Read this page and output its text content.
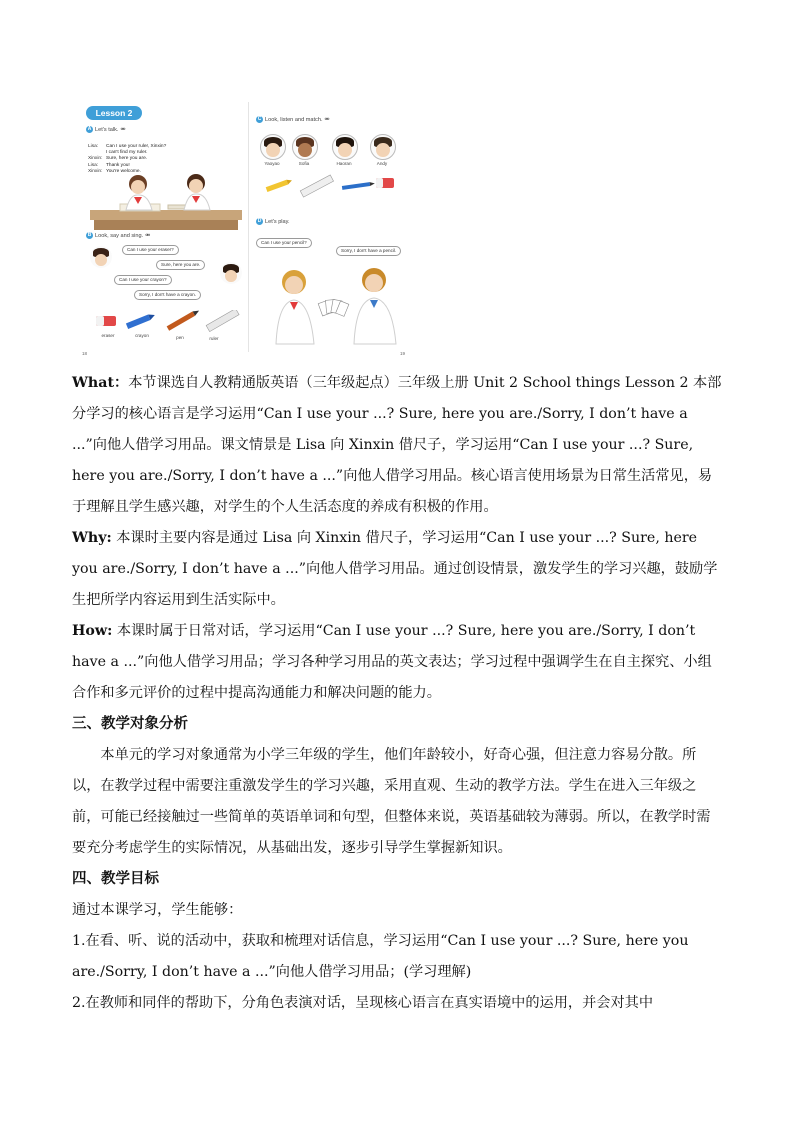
Lesson 2
A Let's talk. ⚮
Lisa: Can I use your ruler, Xinxin?
I can't find my ruler.
Xinxin: Sure, here you are.
Lisa: Thank you!
Xinxin: You're welcome.
B Look, say and sing. ⚮
Can I use your eraser?
Sure, here you are.
Can I use your crayon?
Sorry, I don't have a crayon.
eraser	crayon	pen	ruler
18
C Look, listen and match. ⚮
Yaoyao	Sofia	Haoran	Andy
D Let's play.
Can I use your pencil?
Sorry, I don't have a pencil.
19

What：本节课选自人教精通版英语（三年级起点）三年级上册 Unit 2 School things Lesson 2 本部分学习的核心语言是学习运用“Can I use your ...? Sure, here you are./Sorry, I don’t have a ...”向他人借学习用品。课文情景是 Lisa 向 Xinxin 借尺子，学习运用“Can I use your ...? Sure, here you are./Sorry, I don’t have a ...”向他人借学习用品。核心语言使用场景为日常生活常见，易于理解且学生感兴趣，对学生的个人生活态度的养成有积极的作用。

Why: 本课时主要内容是通过 Lisa 向 Xinxin 借尺子，学习运用“Can I use your ...? Sure, here you are./Sorry, I don’t have a ...”向他人借学习用品。通过创设情景，激发学生的学习兴趣，鼓励学生把所学内容运用到生活实际中。

How: 本课时属于日常对话，学习运用“Can I use your ...? Sure, here you are./Sorry, I don’t have a ...”向他人借学习用品；学习各种学习用品的英文表达；学习过程中强调学生在自主探究、小组合作和多元评价的过程中提高沟通能力和解决问题的能力。

三、教学对象分析

本单元的学习对象通常为小学三年级的学生，他们年龄较小，好奇心强，但注意力容易分散。所以，在教学过程中需要注重激发学生的学习兴趣，采用直观、生动的教学方法。学生在进入三年级之前，可能已经接触过一些简单的英语单词和句型，但整体来说，英语基础较为薄弱。所以，在教学时需要充分考虑学生的实际情况，从基础出发，逐步引导学生掌握新知识。

四、教学目标

通过本课学习，学生能够：

1.在看、听、说的活动中，获取和梳理对话信息，学习运用“Can I use your ...? Sure, here you are./Sorry, I don’t have a ...”向他人借学习用品；(学习理解)

2.在教师和同伴的帮助下，分角色表演对话，呈现核心语言在真实语境中的运用，并会对其中
